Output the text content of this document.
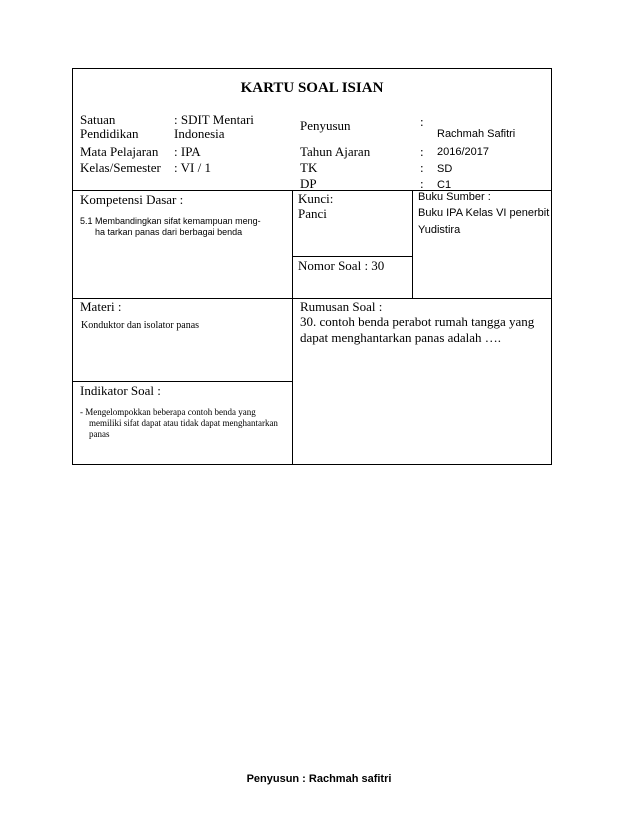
KARTU SOAL ISIAN
Satuan
Pendidikan
: SDIT Mentari
Indonesia
Mata Pelajaran : IPA
Kelas/Semester : VI / 1
Penyusun	:
Rachmah Safitri
Tahun Ajaran	: 2016/2017
TK	: SD
DP	: C1
Kompetensi Dasar :
5.1 Membandingkan sifat kemampuan meng-
ha tarkan panas dari berbagai benda
Kunci:
Panci
Buku Sumber :
Buku IPA Kelas VI penerbit
Yudistira
Nomor Soal : 30
Materi :
Konduktor dan isolator panas
Rumusan Soal :
30. contoh benda perabot rumah tangga yang
dapat menghantarkan panas adalah ….
Indikator Soal :
- Mengelompokkan beberapa contoh benda yang
memiliki sifat dapat atau tidak dapat menghantarkan
panas
Penyusun : Rachmah safitri
